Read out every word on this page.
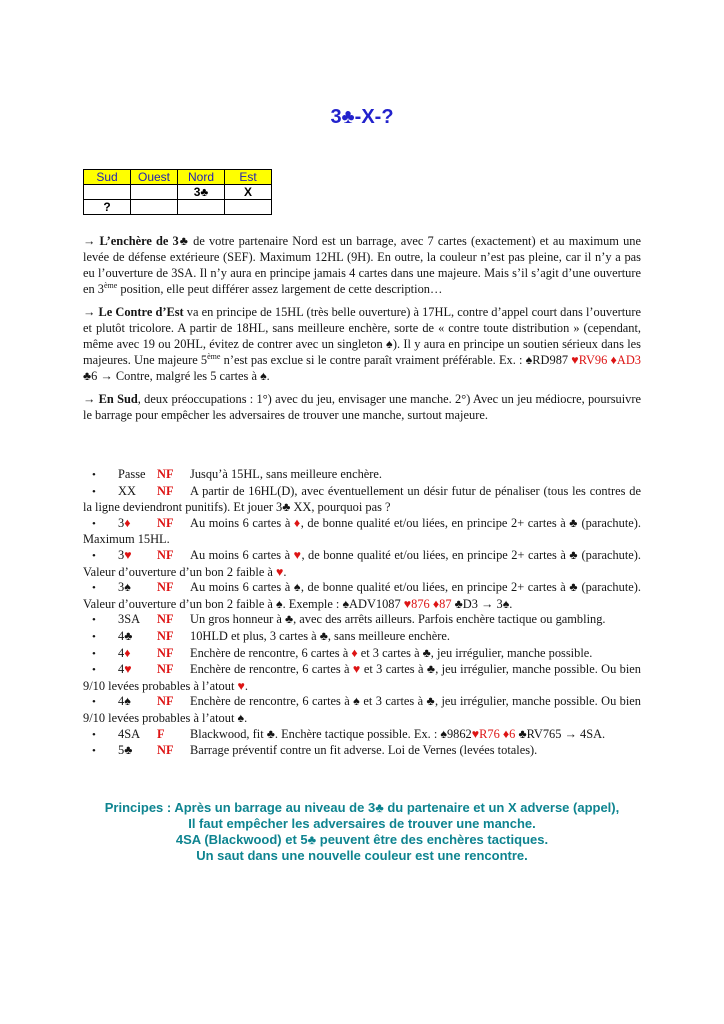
3♣-X-?
Sud	Ouest	Nord	Est
		3♣	X
?			

→ L’enchère de 3♣ de votre partenaire Nord est un barrage, avec 7 cartes (exactement) et au maximum une levée de défense extérieure (SEF). Maximum 12HL (9H). En outre, la couleur n’est pas pleine, car il n’y a pas eu l’ouverture de 3SA. Il n’y aura en principe jamais 4 cartes dans une majeure. Mais s’il s’agit d’une ouverture en 3ème position, elle peut différer assez largement de cette description…

→ Le Contre d’Est va en principe de 15HL (très belle ouverture) à 17HL, contre d’appel court dans l’ouverture et plutôt tricolore. A partir de 18HL, sans meilleure enchère, sorte de « contre toute distribution » (cependant, même avec 19 ou 20HL, évitez de contrer avec un singleton ♠). Il y aura en principe un soutien sérieux dans les majeures. Une majeure 5ème n’est pas exclue si le contre paraît vraiment préférable. Ex. : ♠RD987 ♥RV96 ♦AD3 ♣6 → Contre, malgré les 5 cartes à ♠.

→ En Sud, deux préoccupations : 1°) avec du jeu, envisager une manche. 2°) Avec un jeu médiocre, poursuivre le barrage pour empêcher les adversaires de trouver une manche, surtout majeure.

• Passe NF Jusqu’à 15HL, sans meilleure enchère.

• XX NF A partir de 16HL(D), avec éventuellement un désir futur de pénaliser (tous les contres de la ligne deviendront punitifs). Et jouer 3♣ XX, pourquoi pas ?

• 3♦ NF Au moins 6 cartes à ♦, de bonne qualité et/ou liées, en principe 2+ cartes à ♣ (parachute). Maximum 15HL.

• 3♥ NF Au moins 6 cartes à ♥, de bonne qualité et/ou liées, en principe 2+ cartes à ♣ (parachute). Valeur d’ouverture d’un bon 2 faible à ♥.

• 3♠ NF Au moins 6 cartes à ♠, de bonne qualité et/ou liées, en principe 2+ cartes à ♣ (parachute). Valeur d’ouverture d’un bon 2 faible à ♠. Exemple : ♠ADV1087 ♥876 ♦87 ♣D3 → 3♠.

• 3SA NF Un gros honneur à ♣, avec des arrêts ailleurs. Parfois enchère tactique ou gambling.

• 4♣ NF 10HLD et plus, 3 cartes à ♣, sans meilleure enchère.

• 4♦ NF Enchère de rencontre, 6 cartes à ♦ et 3 cartes à ♣, jeu irrégulier, manche possible.

• 4♥ NF Enchère de rencontre, 6 cartes à ♥ et 3 cartes à ♣, jeu irrégulier, manche possible. Ou bien 9/10 levées probables à l’atout ♥.

• 4♠ NF Enchère de rencontre, 6 cartes à ♠ et 3 cartes à ♣, jeu irrégulier, manche possible. Ou bien 9/10 levées probables à l’atout ♠.

• 4SA F Blackwood, fit ♣. Enchère tactique possible. Ex. : ♠9862♥R76 ♦6 ♣RV765 → 4SA.

• 5♣ NF Barrage préventif contre un fit adverse. Loi de Vernes (levées totales).

Principes : Après un barrage au niveau de 3♣ du partenaire et un X adverse (appel),
Il faut empêcher les adversaires de trouver une manche.
4SA (Blackwood) et 5♣ peuvent être des enchères tactiques.
Un saut dans une nouvelle couleur est une rencontre.
